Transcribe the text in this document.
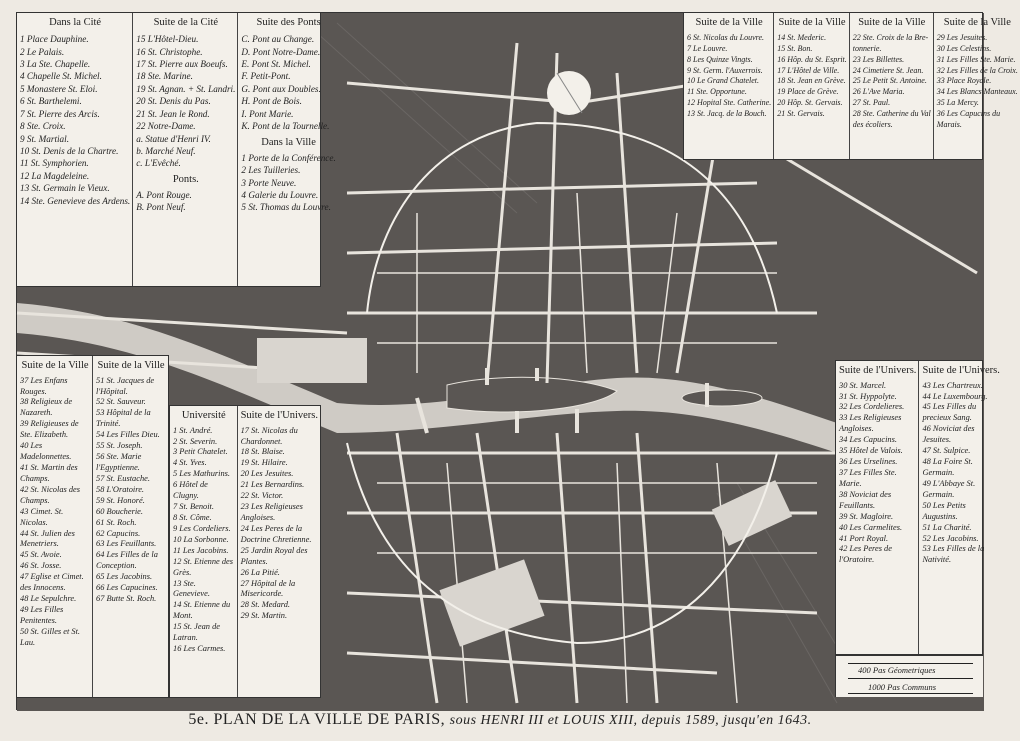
Dans la Cité
1 Place Dauphine.
2 Le Palais.
3 La Ste. Chapelle.
4 Chapelle St. Michel.
5 Monastere St. Eloi.
6 St. Barthelemi.
7 St. Pierre des Arcis.
8 Ste. Croix.
9 St. Martial.
10 St. Denis de la Chartre.
11 St. Symphorien.
12 La Magdeleine.
13 St. Germain le Vieux.
14 Ste. Genevieve des Ardens.
Suite de la Cité
15 L'Hôtel-Dieu.
16 St. Christophe.
17 St. Pierre aux Boeufs.
18 Ste. Marine.
19 St. Agnan. + St. Landri.
20 St. Denis du Pas.
21 St. Jean le Rond.
22 Notre-Dame.
a. Statue d'Henri IV.
b. Marché Neuf.
c. L'Evêché.
Ponts.
A. Pont Rouge.
B. Pont Neuf.
Suite des Ponts
C. Pont au Change.
D. Pont Notre-Dame.
E. Pont St. Michel.
F. Petit-Pont.
G. Pont aux Doubles.
H. Pont de Bois.
I. Pont Marie.
K. Pont de la Tournelle.
Dans la Ville
1 Porte de la Conférence.
2 Les Tuilleries.
3 Porte Neuve.
4 Galerie du Louvre.
5 St. Thomas du Louvre.
Suite de la Ville
6 St. Nicolas du Louvre.
7 Le Louvre.
8 Les Quinze Vingts.
9 St. Germ. l'Auxerrois.
10 Le Grand Chatelet.
11 Ste. Opportune.
12 Hopital Ste. Catherine.
13 St. Jacq. de la Bouch.
Suite de la Ville
14 St. Mederic.
15 St. Bon.
16 Hôp. du St. Esprit.
17 L'Hôtel de Ville.
18 St. Jean en Grève.
19 Place de Grève.
20 Hôp. St. Gervais.
21 St. Gervais.
Suite de la Ville
22 Ste. Croix de la Bre-
tonnerie.
23 Les Billettes.
24 Cimetiere St. Jean.
25 Le Petit St. Antoine.
26 L'Ave Maria.
27 St. Paul.
28 Ste. Catherine du Val
des écoliers.
Suite de la Ville
29 Les Jesuites.
30 Les Celestins.
31 Les Filles Ste. Marie.
32 Les Filles de la Croix.
33 Place Royale.
34 Les Blancs Manteaux.
35 La Mercy.
36 Les Capucins du
Marais.
Suite de la Ville
37 Les Enfans Rouges.
38 Religieux de Nazareth.
39 Religieuses de Ste. Elizabeth.
40 Les Madelonnettes.
41 St. Martin des Champs.
42 St. Nicolas des Champs.
43 Cimet. St. Nicolas.
44 St. Julien des Menetriers.
45 St. Avoie.
46 St. Josse.
47 Eglise et Cimet. des Innocens.
48 Le Sepulchre.
49 Les Filles Penitentes.
50 St. Gilles et St. Lau.
Suite de la Ville
51 St. Jacques de l'Hôpital.
52 St. Sauveur.
53 Hôpital de la Trinité.
54 Les Filles Dieu.
55 St. Joseph.
56 Ste. Marie l'Egyptienne.
57 St. Eustache.
58 L'Oratoire.
59 St. Honoré.
60 Boucherie.
61 St. Roch.
62 Capucins.
63 Les Feuillants.
64 Les Filles de la Conception.
65 Les Jacobins.
66 Les Capucines.
67 Butte St. Roch.
Université
1 St. André.
2 St. Severin.
3 Petit Chatelet.
4 St. Yves.
5 Les Mathurins.
6 Hôtel de Clugny.
7 St. Benoit.
8 St. Côme.
9 Les Cordeliers.
10 La Sorbonne.
11 Les Jacobins.
12 St. Etienne des Grès.
13 Ste. Genevieve.
14 St. Etienne du Mont.
15 St. Jean de Latran.
16 Les Carmes.
Suite de l'Univers.
17 St. Nicolas du Chardonnet.
18 St. Blaise.
19 St. Hilaire.
20 Les Jesuites.
21 Les Bernardins.
22 St. Victor.
23 Les Religieuses Angloises.
24 Les Peres de la Doctrine Chretienne.
25 Jardin Royal des Plantes.
26 La Pitié.
27 Hôpital de la Misericorde.
28 St. Medard.
29 St. Martin.
Suite de l'Univers.
30 St. Marcel.
31 St. Hyppolyte.
32 Les Cordelieres.
33 Les Religieuses Angloises.
34 Les Capucins.
35 Hôtel de Valois.
36 Les Urselines.
37 Les Filles Ste. Marie.
38 Noviciat des Feuillants.
39 St. Magloire.
40 Les Carmelites.
41 Port Royal.
42 Les Peres de l'Oratoire.
Suite de l'Univers.
43 Les Chartreux.
44 Le Luxembourg.
45 Les Filles du precieux Sang.
46 Noviciat des Jesuites.
47 St. Sulpice.
48 La Foire St. Germain.
49 L'Abbaye St. Germain.
50 Les Petits Augustins.
51 La Charité.
52 Les Jacobins.
53 Les Filles de la Nativité.
400 Pas Géometriques
1000 Pas Communs
5e. PLAN DE LA VILLE DE PARIS, sous HENRI III et LOUIS XIII, depuis 1589, jusqu'en 1643.
